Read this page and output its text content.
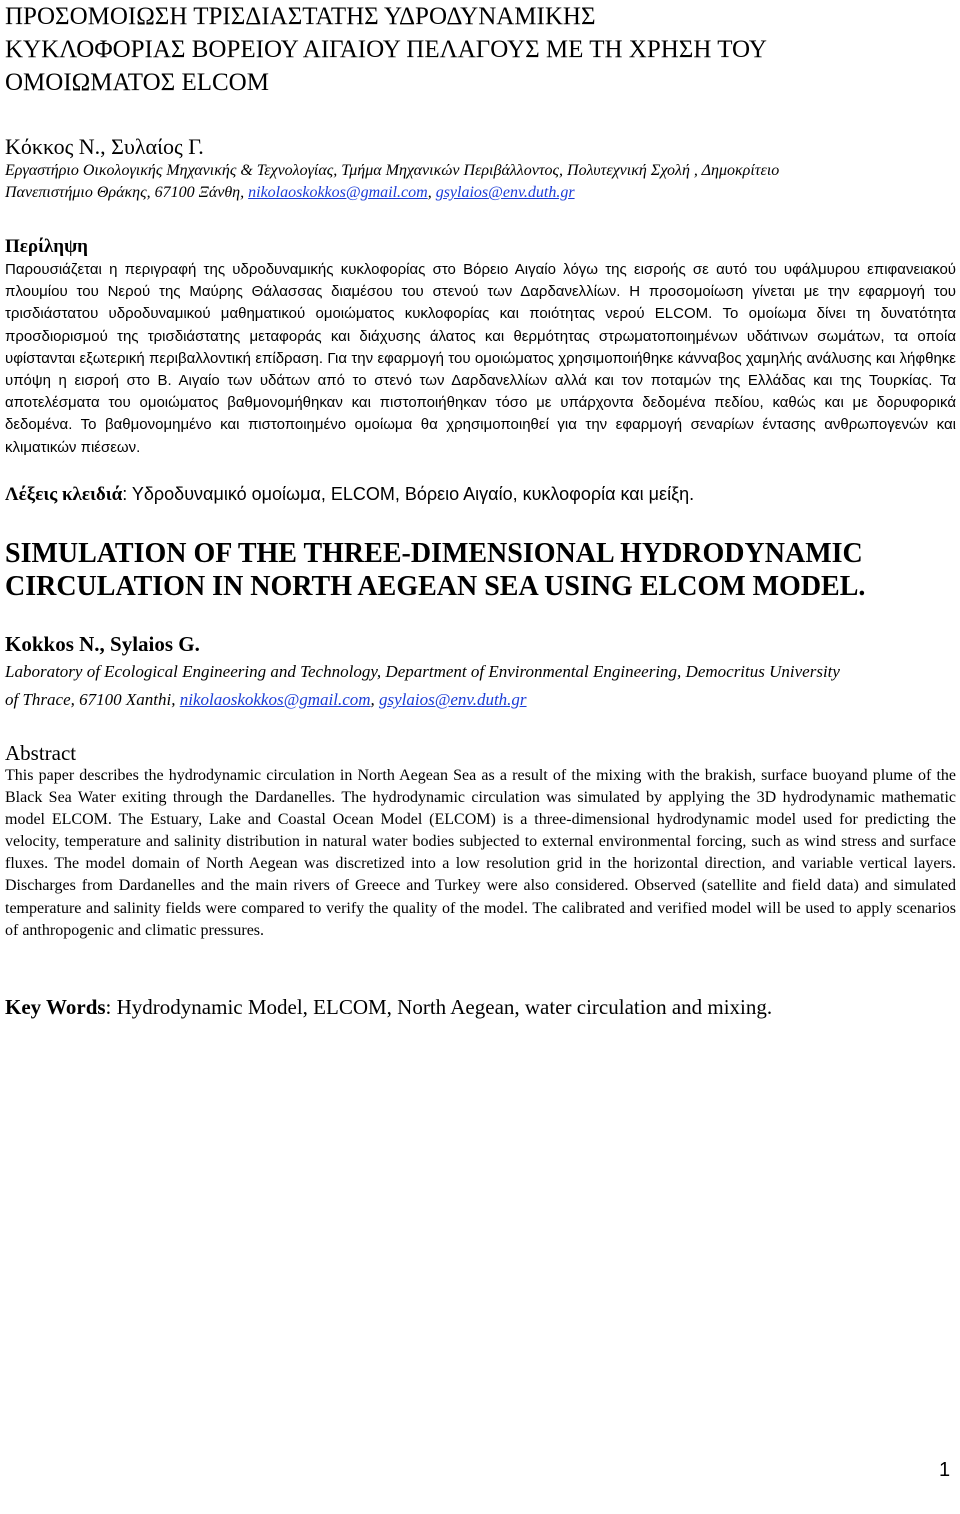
ΠΡΟΣΟΜΟΙΩΣΗ ΤΡΙΣΔΙΑΣΤΑΤΗΣ ΥΔΡΟΔΥΝΑΜΙΚΗΣ
ΚΥΚΛΟΦΟΡΙΑΣ ΒΟΡΕΙΟΥ ΑΙΓΑΙΟΥ ΠΕΛΑΓΟΥΣ ΜΕ ΤΗ ΧΡΗΣΗ ΤΟΥ
ΟΜΟΙΩΜΑΤΟΣ ELCOM

Κόκκος Ν., Συλαίος Γ.

Εργαστήριο Οικολογικής Μηχανικής & Τεχνολογίας, Τμήμα Μηχανικών Περιβάλλοντος, Πολυτεχνική Σχολή , Δημοκρίτειο
Πανεπιστήμιο Θράκης, 67100 Ξάνθη, nikolaoskokkos@gmail.com, gsylaios@env.duth.gr

Περίληψη

Παρουσιάζεται η περιγραφή της υδροδυναμικής κυκλοφορίας στο Βόρειο Αιγαίο λόγω της εισροής σε αυτό του υφάλμυρου επιφανειακού πλουμίου του Νερού της Μαύρης Θάλασσας διαμέσου του στενού των Δαρδανελλίων. Η προσομοίωση γίνεται με την εφαρμογή του τρισδιάστατου υδροδυναμικού μαθηματικού ομοιώματος κυκλοφορίας και ποιότητας νερού ELCOM. Το ομοίωμα δίνει τη δυνατότητα προσδιορισμού της τρισδιάστατης μεταφοράς και διάχυσης άλατος και θερμότητας στρωματοποιημένων υδάτινων σωμάτων, τα οποία υφίστανται εξωτερική περιβαλλοντική επίδραση. Για την εφαρμογή του ομοιώματος χρησιμοποιήθηκε κάνναβος χαμηλής ανάλυσης και λήφθηκε υπόψη η εισροή στο Β. Αιγαίο των υδάτων από το στενό των Δαρδανελλίων αλλά και τον ποταμών της Ελλάδας και της Τουρκίας. Τα αποτελέσματα του ομοιώματος βαθμονομήθηκαν και πιστοποιήθηκαν τόσο με υπάρχοντα δεδομένα πεδίου, καθώς και με δορυφορικά δεδομένα. Το βαθμονομημένο και πιστοποιημένο ομοίωμα θα χρησιμοποιηθεί για την εφαρμογή σεναρίων έντασης ανθρωπογενών και κλιματικών πιέσεων.

Λέξεις κλειδιά: Υδροδυναμικό ομοίωμα, ELCOM, Βόρειο Αιγαίο, κυκλοφορία και μείξη.

SIMULATION OF THE THREE-DIMENSIONAL HYDRODYNAMIC
CIRCULATION IN NORTH AEGEAN SEA USING ELCOM MODEL.

Kokkos N., Sylaios G.

Laboratory of Ecological Engineering and Technology, Department of Environmental Engineering, Democritus University
of Thrace, 67100 Xanthi, nikolaoskokkos@gmail.com, gsylaios@env.duth.gr

Abstract

This paper describes the hydrodynamic circulation in North Aegean Sea as a result of the mixing with the brakish, surface buoyand plume of the Black Sea Water exiting through the Dardanelles. The hydrodynamic circulation was simulated by applying the 3D hydrodynamic mathematic model ELCOM. The Estuary, Lake and Coastal Ocean Model (ELCOM) is a three-dimensional hydrodynamic model used for predicting the velocity, temperature and salinity distribution in natural water bodies subjected to external environmental forcing, such as wind stress and surface fluxes. The model domain of North Aegean was discretized into a low resolution grid in the horizontal direction, and variable vertical layers. Discharges from Dardanelles and the main rivers of Greece and Turkey were also considered. Observed (satellite and field data) and simulated temperature and salinity fields were compared to verify the quality of the model. The calibrated and verified model will be used to apply scenarios of anthropogenic and climatic pressures.

Key Words: Hydrodynamic Model, ELCOM, North Aegean, water circulation and mixing.

1
